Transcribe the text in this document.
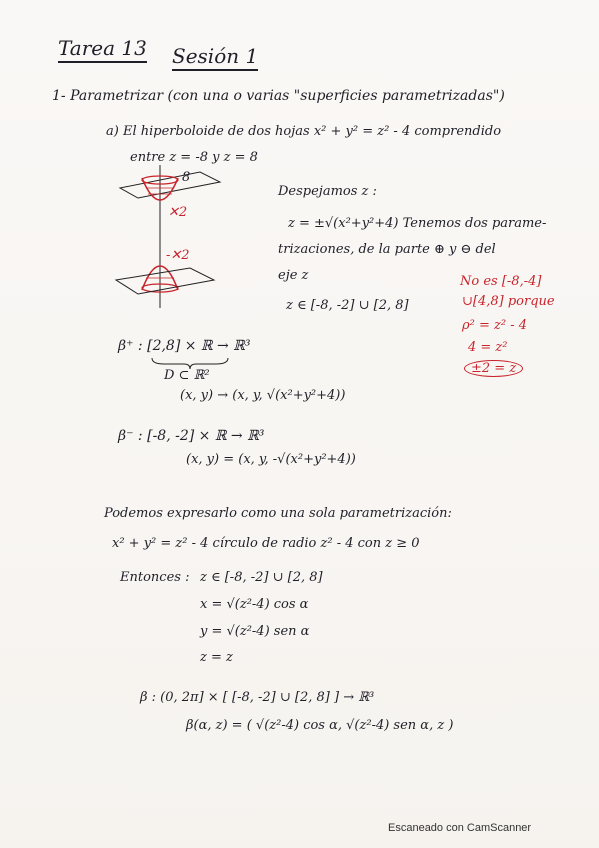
Tarea 13 Sesión 1
1- Parametrizar (con una o varias "superficies parametrizadas")
a) El hiperboloide de dos hojas x² + y² = z² - 4 comprendido
entre z = -8 y z = 8
8
✕2
-✕2
Despejamos z :
z = ±√(x²+y²+4) Tenemos dos parame-
trizaciones, de la parte ⊕ y ⊖ del
eje z
z ∈ [-8, -2] ∪ [2, 8]
No es [-8,-4]
∪[4,8] porque
ρ² = z² - 4
4 = z²
±2 = z
β⁺ : [2,8] × ℝ → ℝ³
D ⊂ ℝ²
(x, y) → (x, y, √(x²+y²+4))
β⁻ : [-8, -2] × ℝ → ℝ³
(x, y) = (x, y, -√(x²+y²+4))
Podemos expresarlo como una sola parametrización:
x² + y² = z² - 4 círculo de radio z² - 4 con z ≥ 0
Entonces : z ∈ [-8, -2] ∪ [2, 8]
x = √(z²-4) cos α
y = √(z²-4) sen α
z = z
β : (0, 2π] × [ [-8, -2] ∪ [2, 8] ] → ℝ³
β(α, z) = ( √(z²-4) cos α, √(z²-4) sen α, z )
Escaneado con CamScanner
